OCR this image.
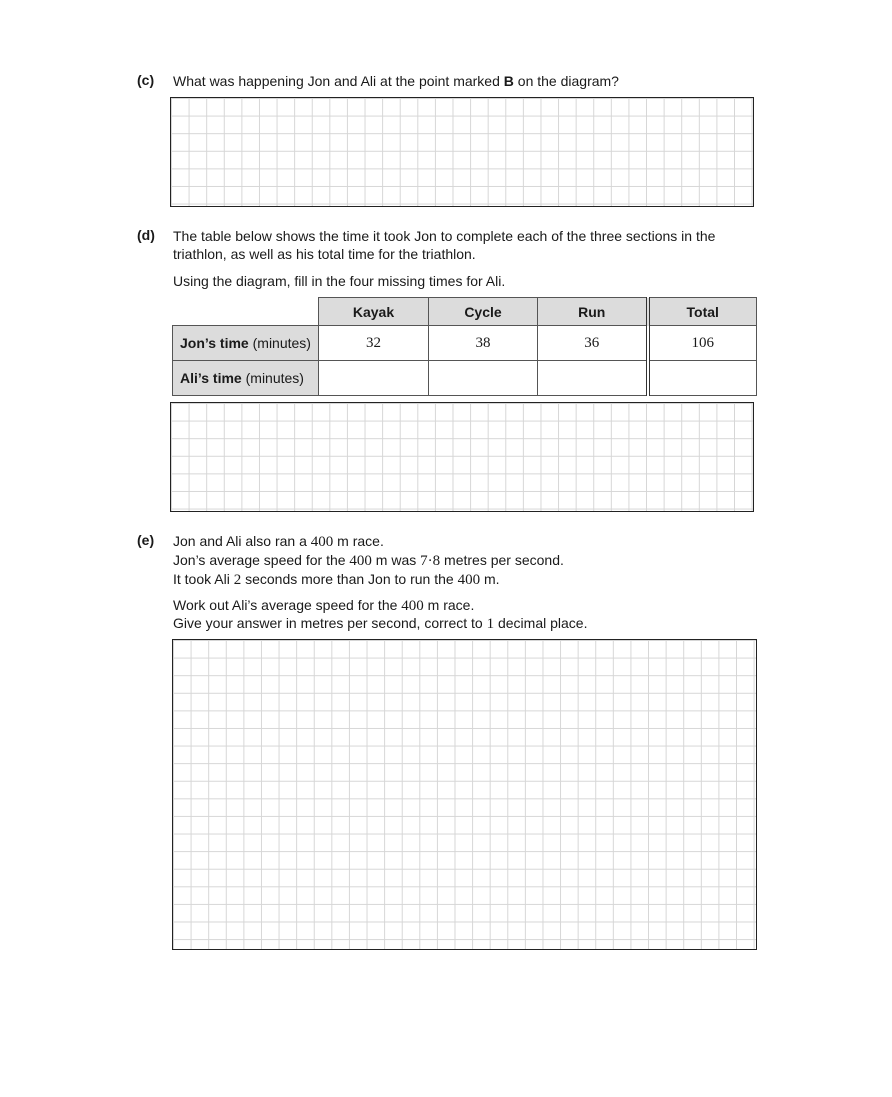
(c) What was happening Jon and Ali at the point marked B on the diagram?
(d) The table below shows the time it took Jon to complete each of the three sections in the
triathlon, as well as his total time for the triathlon.
Using the diagram, fill in the four missing times for Ali.
	Kayak	Cycle	Run	Total
Jon’s time (minutes)	32	38	36	106
Ali’s time (minutes)				
(e) Jon and Ali also ran a 400 m race.
Jon’s average speed for the 400 m was 7·8 metres per second.
It took Ali 2 seconds more than Jon to run the 400 m.
Work out Ali’s average speed for the 400 m race.
Give your answer in metres per second, correct to 1 decimal place.
